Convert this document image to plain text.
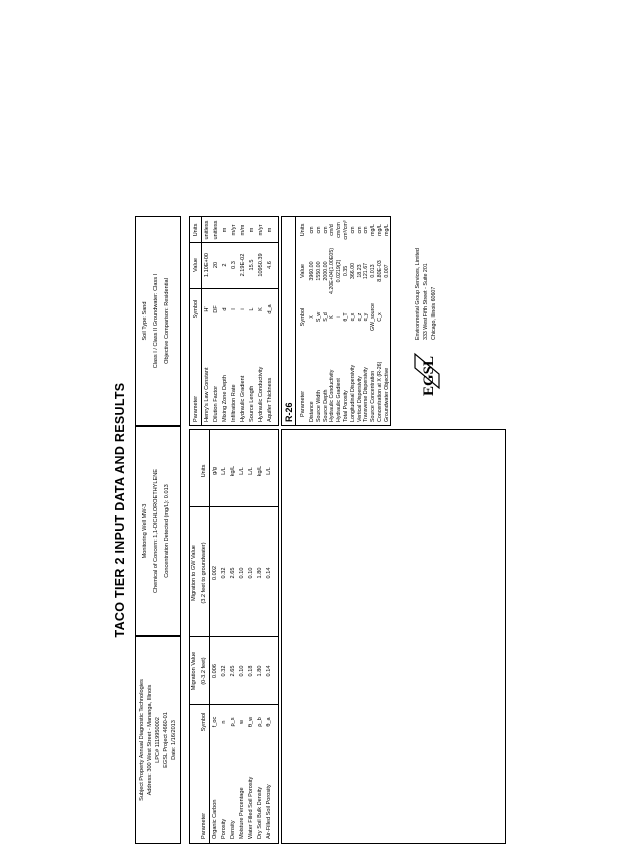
TACO TIER 2 INPUT DATA AND RESULTS
Subject Property Annual Diagnostic Technologies Address: 300 West Street - Mananga, Illinois LPC# 1119950002 EGSL Project 4660-01 Date: 1/16/2013
Monitoring Well MW-3 Chemical of Concern: 1,1-DICHLOROETHYLENE Concentration Detected (mg/L): 0.013
Soil Type: Sand Class I / Class II Groundwater: Class I Objective Comparison: Residential
Migration Value
Migration to GW Value
Parameter
Symbol
(0-3.2 feet)
(3.2 feet to groundwater)
Units
Organic Carbon
f_oc
0.006
0.002
g/g
Porosity
n
0.32
0.32
L/L
Density
ρ_s
2.65
2.65
kg/L
Moisture Percentage
w
0.10
0.10
L/L
Water Filled Soil Porosity
θ_w
0.18
0.10
L/L
Dry Soil Bulk Density
ρ_b
1.80
1.80
kg/L
Air-Filled Soil Porosity
θ_a
0.14
0.14
L/L
Parameter
Symbol
Value
Units
Henry's Law Constant
H'
1.10E+00
unitless
Dilution Factor
DF
20
unitless
Mixing Zone Depth
d
2
m
Infiltration Rate
I
0.3
m/yr
Hydraulic Gradient
i
2.19E-02
m/m
Source Length
L
15.5
m
Hydraulic Conductivity
K
10950.39
m/yr
Aquifer Thickness
d_a
4.6
m
R-26 Parameter
Symbol
Value
Units
Distance
X
3960.00
cm
Source Width
S_w
1550.00
cm
Source Depth
S_d
2000.00
cm
Hydraulic Conductivity
K
4.20E+04(1.00E05)
cm/d
Hydraulic Gradient
i
0.0219(2)
cm/cm
Total Porosity
θ_T
0.35
cm³/cm³
Longitudinal Dispersivity
α_x
366.00
cm
Vertical Dispersivity
α_z
18.23
cm
Transverse Dispersivity
α_y
121.67
cm
Source Concentration
GW_source
0.013
mg/L
Concentration at X (R-26)
C_x
8.80E-03
mg/L
Groundwater Objective
0.007
mg/L
EGSL
Environmental Group Services, Limited 333 West Fifth Street - Suite 201 Chicago, Illinois 60607
